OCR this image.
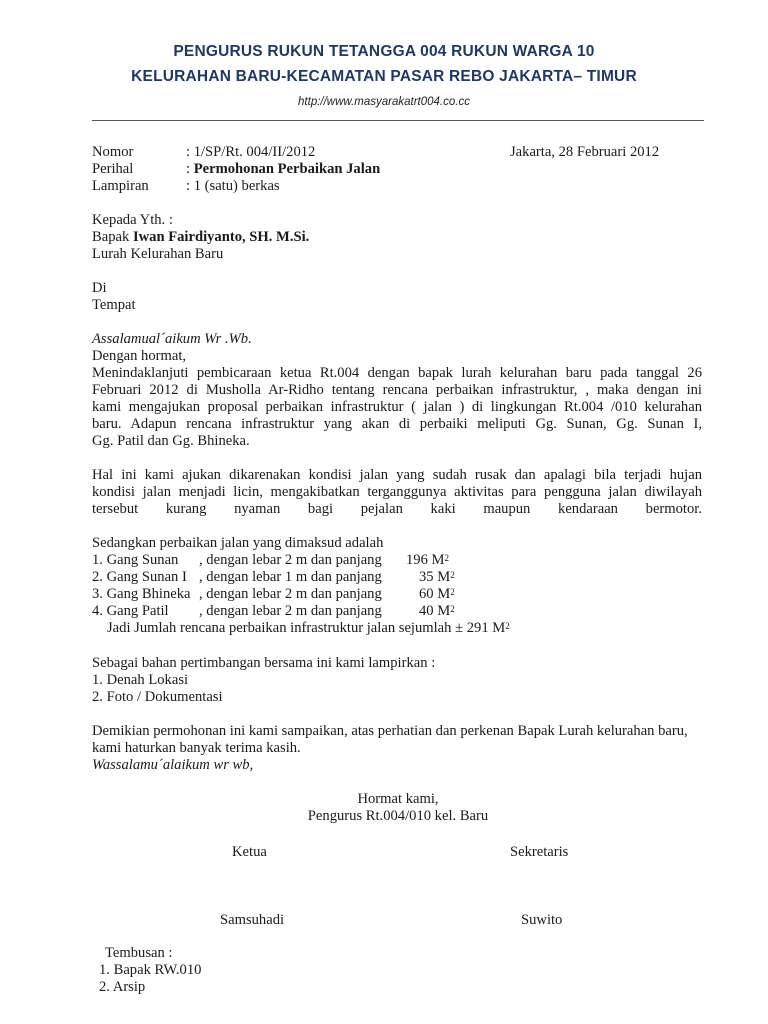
PENGURUS RUKUN TETANGGA 004 RUKUN WARGA 10
KELURAHAN BARU-KECAMATAN PASAR REBO JAKARTA– TIMUR
http://www.masyarakatrt004.co.cc
Nomor	: 1/SP/Rt. 004/II/2012	Jakarta, 28 Februari 2012
Perihal	: Permohonan Perbaikan Jalan
Lampiran	: 1 (satu) berkas
Kepada Yth. :
Bapak Iwan Fairdiyanto, SH. M.Si.
Lurah Kelurahan Baru
Di
Tempat
Assalamual´aikum Wr .Wb.
Dengan hormat,
Menindaklanjuti pembicaraan ketua Rt.004 dengan bapak lurah kelurahan baru pada tanggal 26
Februari 2012 di Musholla Ar-Ridho tentang rencana perbaikan infrastruktur, , maka dengan ini
kami mengajukan proposal perbaikan infrastruktur ( jalan ) di lingkungan Rt.004 /010 kelurahan
baru. Adapun rencana infrastruktur yang akan di perbaiki meliputi Gg. Sunan, Gg. Sunan I,
Gg. Patil dan Gg. Bhineka.
Hal ini kami ajukan dikarenakan kondisi jalan yang sudah rusak dan apalagi bila terjadi hujan
kondisi jalan menjadi licin, mengakibatkan terganggunya aktivitas para pengguna jalan diwilayah
tersebut kurang nyaman bagi pejalan kaki maupun kendaraan bermotor.
Sedangkan perbaikan jalan yang dimaksud adalah
1. Gang Sunan , dengan lebar 2 m dan panjang 196 $M^2$
2. Gang Sunan I , dengan lebar 1 m dan panjang	35 $M^2$
3. Gang Bhineka , dengan lebar 2 m dan panjang	60 $M^2$
4. Gang Patil , dengan lebar 2 m dan panjang	40 $M^2$
Jadi Jumlah rencana perbaikan infrastruktur jalan sejumlah ± 291 $M^2$
Sebagai bahan pertimbangan bersama ini kami lampirkan :
1. Denah Lokasi
2. Foto / Dokumentasi
Demikian permohonan ini kami sampaikan, atas perhatian dan perkenan Bapak Lurah kelurahan baru,
kami haturkan banyak terima kasih.
Wassalamu´alaikum wr wb,
Hormat kami,
Pengurus Rt.004/010 kel. Baru
Ketua	Sekretaris
Samsuhadi	Suwito
Tembusan :
1. Bapak RW.010
2. Arsip
